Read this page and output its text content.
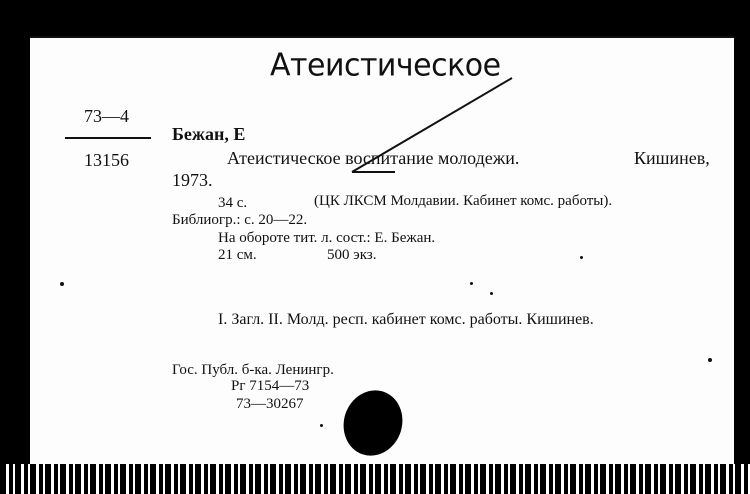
Атеистическое
73—4
13156
Бежан, Е
Атеистическое воспитание молодежи.	Кишинев,
1973.
34 с.	(ЦК ЛКСМ Молдавии. Кабинет комс. работы).
Библиогр.: с. 20—22.
На обороте тит. л. сост.: Е. Бежан.
21 см.	500 экз.
I. Загл. II. Молд. респ. кабинет комс. работы. Кишинев.
Гос. Публ. б-ка. Ленингр.
Рг 7154—73
73—30267
